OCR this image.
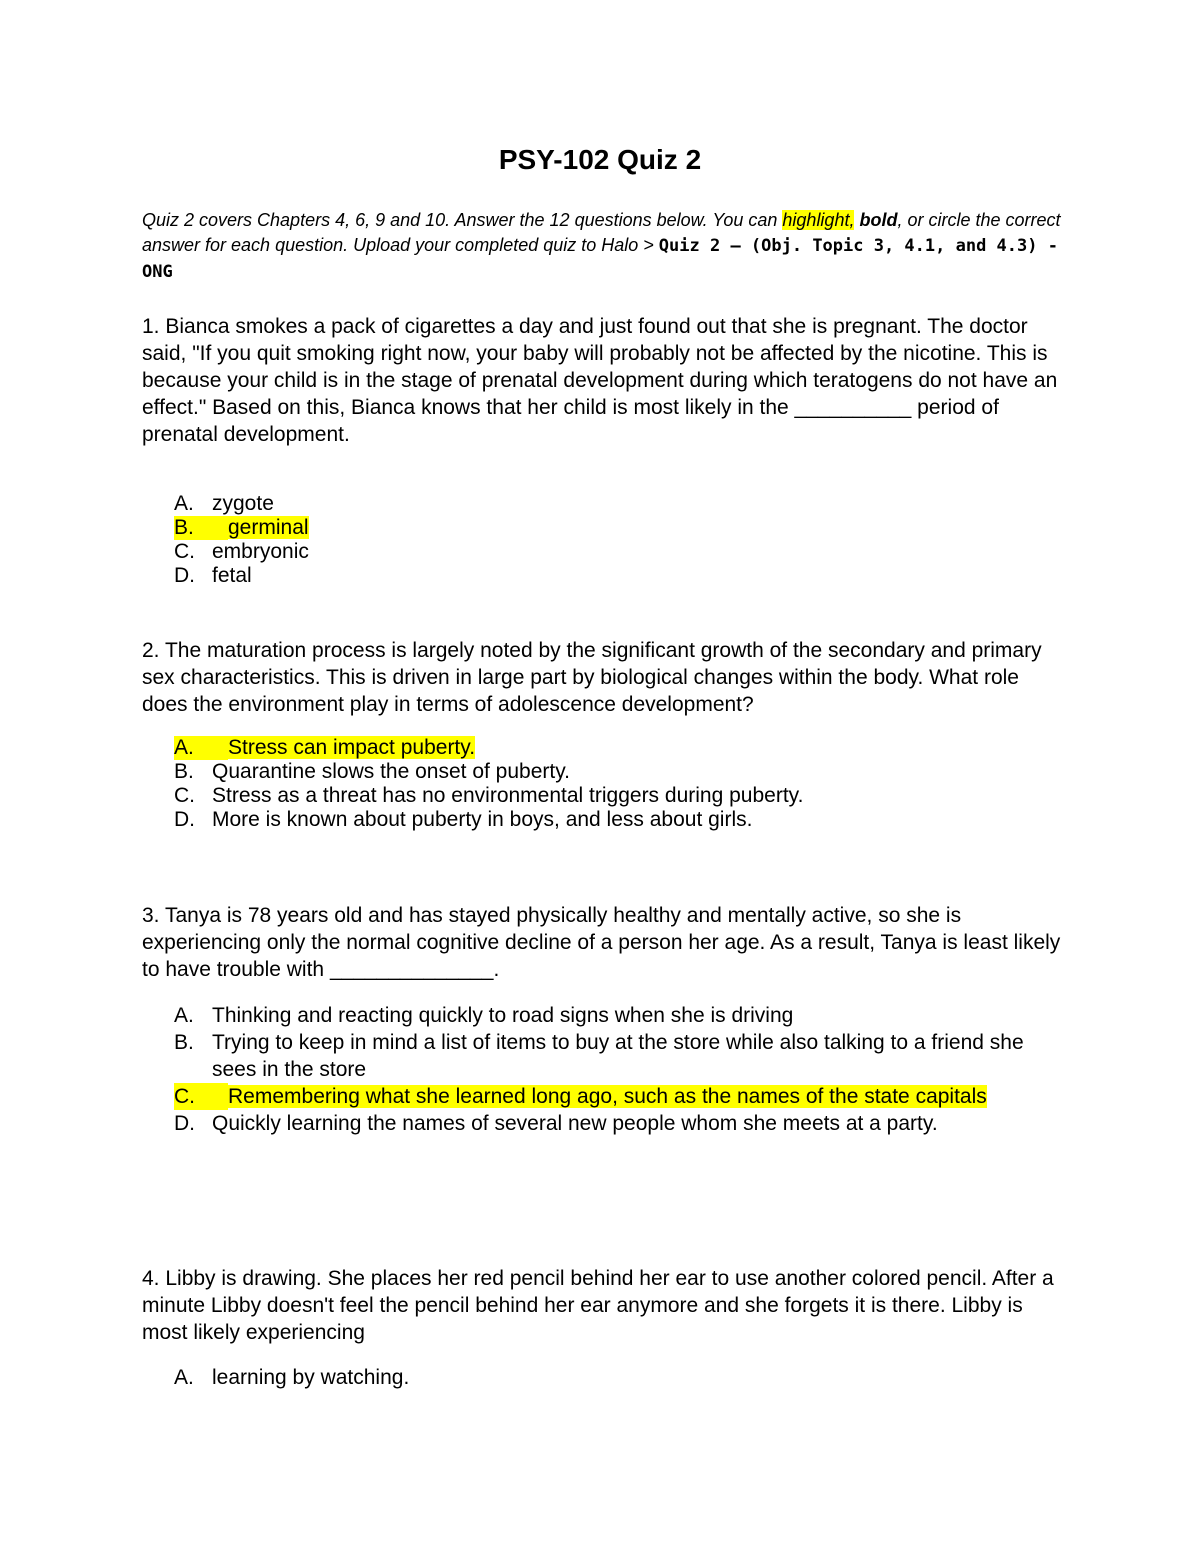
PSY-102 Quiz 2

Quiz 2 covers Chapters 4, 6, 9 and 10. Answer the 12 questions below. You can highlight, bold, or circle the correct answer for each question. Upload your completed quiz to Halo > Quiz 2 – (Obj. Topic 3, 4.1, and 4.3) - ONG

1. Bianca smokes a pack of cigarettes a day and just found out that she is pregnant. The doctor said, "If you quit smoking right now, your baby will probably not be affected by the nicotine. This is because your child is in the stage of prenatal development during which teratogens do not have an effect." Based on this, Bianca knows that her child is most likely in the __________ period of prenatal development.

A. zygote
B.	germinal
C. embryonic
D. fetal

2. The maturation process is largely noted by the significant growth of the secondary and primary sex characteristics. This is driven in large part by biological changes within the body. What role does the environment play in terms of adolescence development?

A.	Stress can impact puberty.
B. Quarantine slows the onset of puberty.
C. Stress as a threat has no environmental triggers during puberty.
D. More is known about puberty in boys, and less about girls.

3. Tanya is 78 years old and has stayed physically healthy and mentally active, so she is experiencing only the normal cognitive decline of a person her age. As a result, Tanya is least likely to have trouble with ______________.

A. Thinking and reacting quickly to road signs when she is driving
B. Trying to keep in mind a list of items to buy at the store while also talking to a friend she sees in the store
C.	Remembering what she learned long ago, such as the names of the state capitals
D. Quickly learning the names of several new people whom she meets at a party.

4. Libby is drawing. She places her red pencil behind her ear to use another colored pencil. After a minute Libby doesn't feel the pencil behind her ear anymore and she forgets it is there. Libby is most likely experiencing

A. learning by watching.
